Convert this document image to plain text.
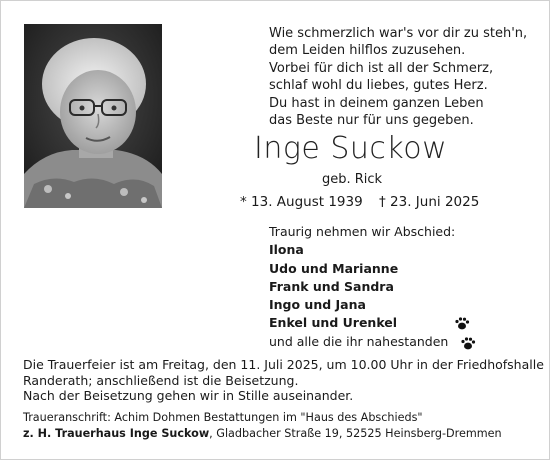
Wie schmerzlich war's vor dir zu steh'n,
dem Leiden hilflos zuzusehen.
Vorbei für dich ist all der Schmerz,
schlaf wohl du liebes, gutes Herz.
Du hast in deinem ganzen Leben
das Beste nur für uns gegeben.
Inge Suckow
geb. Rick
* 13. August 1939 † 23. Juni 2025
Traurig nehmen wir Abschied:
Ilona
Udo und Marianne
Frank und Sandra
Ingo und Jana
Enkel und Urenkel
und alle die ihr nahestanden
Die Trauerfeier ist am Freitag, den 11. Juli 2025, um 10.00 Uhr in der Friedhofshalle
Randerath; anschließend ist die Beisetzung.
Nach der Beisetzung gehen wir in Stille auseinander.
Traueranschrift: Achim Dohmen Bestattungen im "Haus des Abschieds"
z. H. Trauerhaus Inge Suckow, Gladbacher Straße 19, 52525 Heinsberg-Dremmen
